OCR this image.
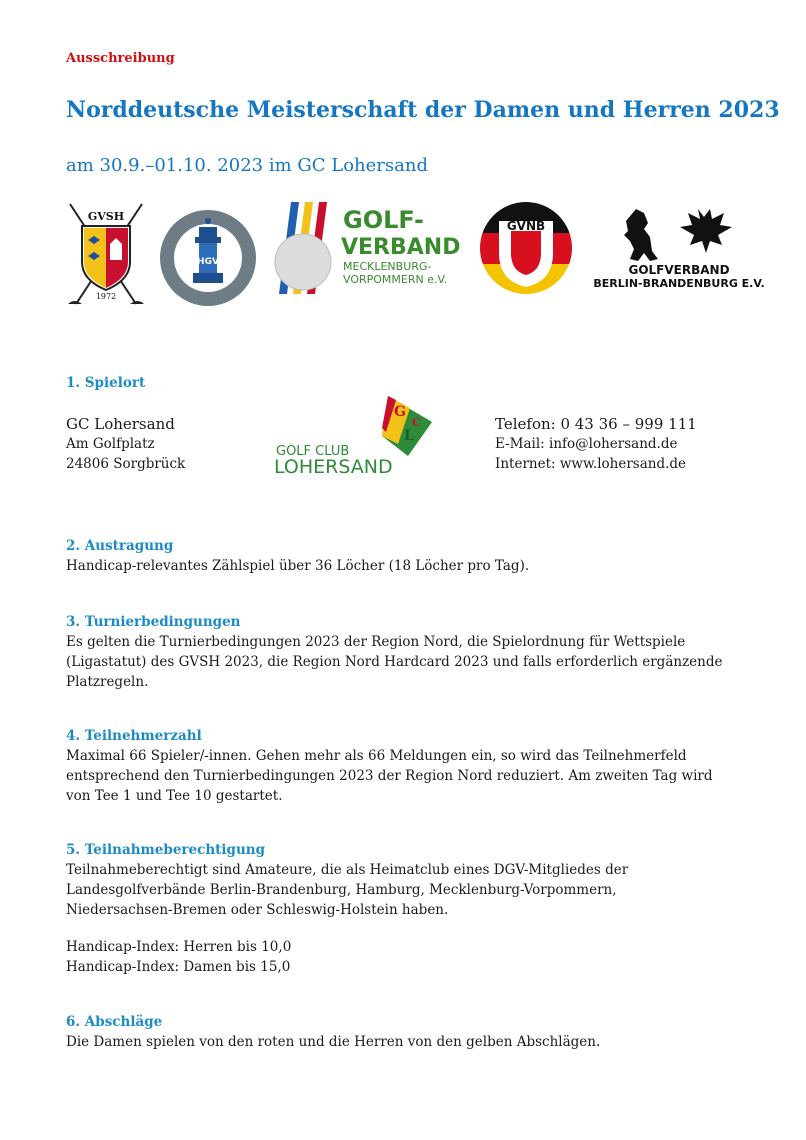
Ausschreibung
Norddeutsche Meisterschaft der Damen und Herren 2023
am 30.9.–01.10. 2023 im GC Lohersand
GVSH
1972
HGV
GOLF-
VERBAND
MECKLENBURG-
VORPOMMERN e.V.
GVNB
GOLFVERBAND
BERLIN-BRANDENBURG E.V.
1. Spielort
GC Lohersand
Am Golfplatz
24806 Sorgbrück
G
L
C
GOLF CLUB
LOHERSAND
Telefon: 0 43 36 – 999 111
E-Mail: info@lohersand.de
Internet: www.lohersand.de
2. Austragung

Handicap-relevantes Zählspiel über 36 Löcher (18 Löcher pro Tag).

3. Turnierbedingungen

Es gelten die Turnierbedingungen 2023 der Region Nord, die Spielordnung für Wettspiele

(Ligastatut) des GVSH 2023, die Region Nord Hardcard 2023 und falls erforderlich ergänzende

Platzregeln.

4. Teilnehmerzahl

Maximal 66 Spieler/-innen. Gehen mehr als 66 Meldungen ein, so wird das Teilnehmerfeld

entsprechend den Turnierbedingungen 2023 der Region Nord reduziert. Am zweiten Tag wird

von Tee 1 und Tee 10 gestartet.

5. Teilnahmeberechtigung

Teilnahmeberechtigt sind Amateure, die als Heimatclub eines DGV-Mitgliedes der

Landesgolfverbände Berlin-Brandenburg, Hamburg, Mecklenburg-Vorpommern,

Niedersachsen-Bremen oder Schleswig-Holstein haben.

Handicap-Index: Herren bis 10,0

Handicap-Index: Damen bis 15,0

6. Abschläge

Die Damen spielen von den roten und die Herren von den gelben Abschlägen.
